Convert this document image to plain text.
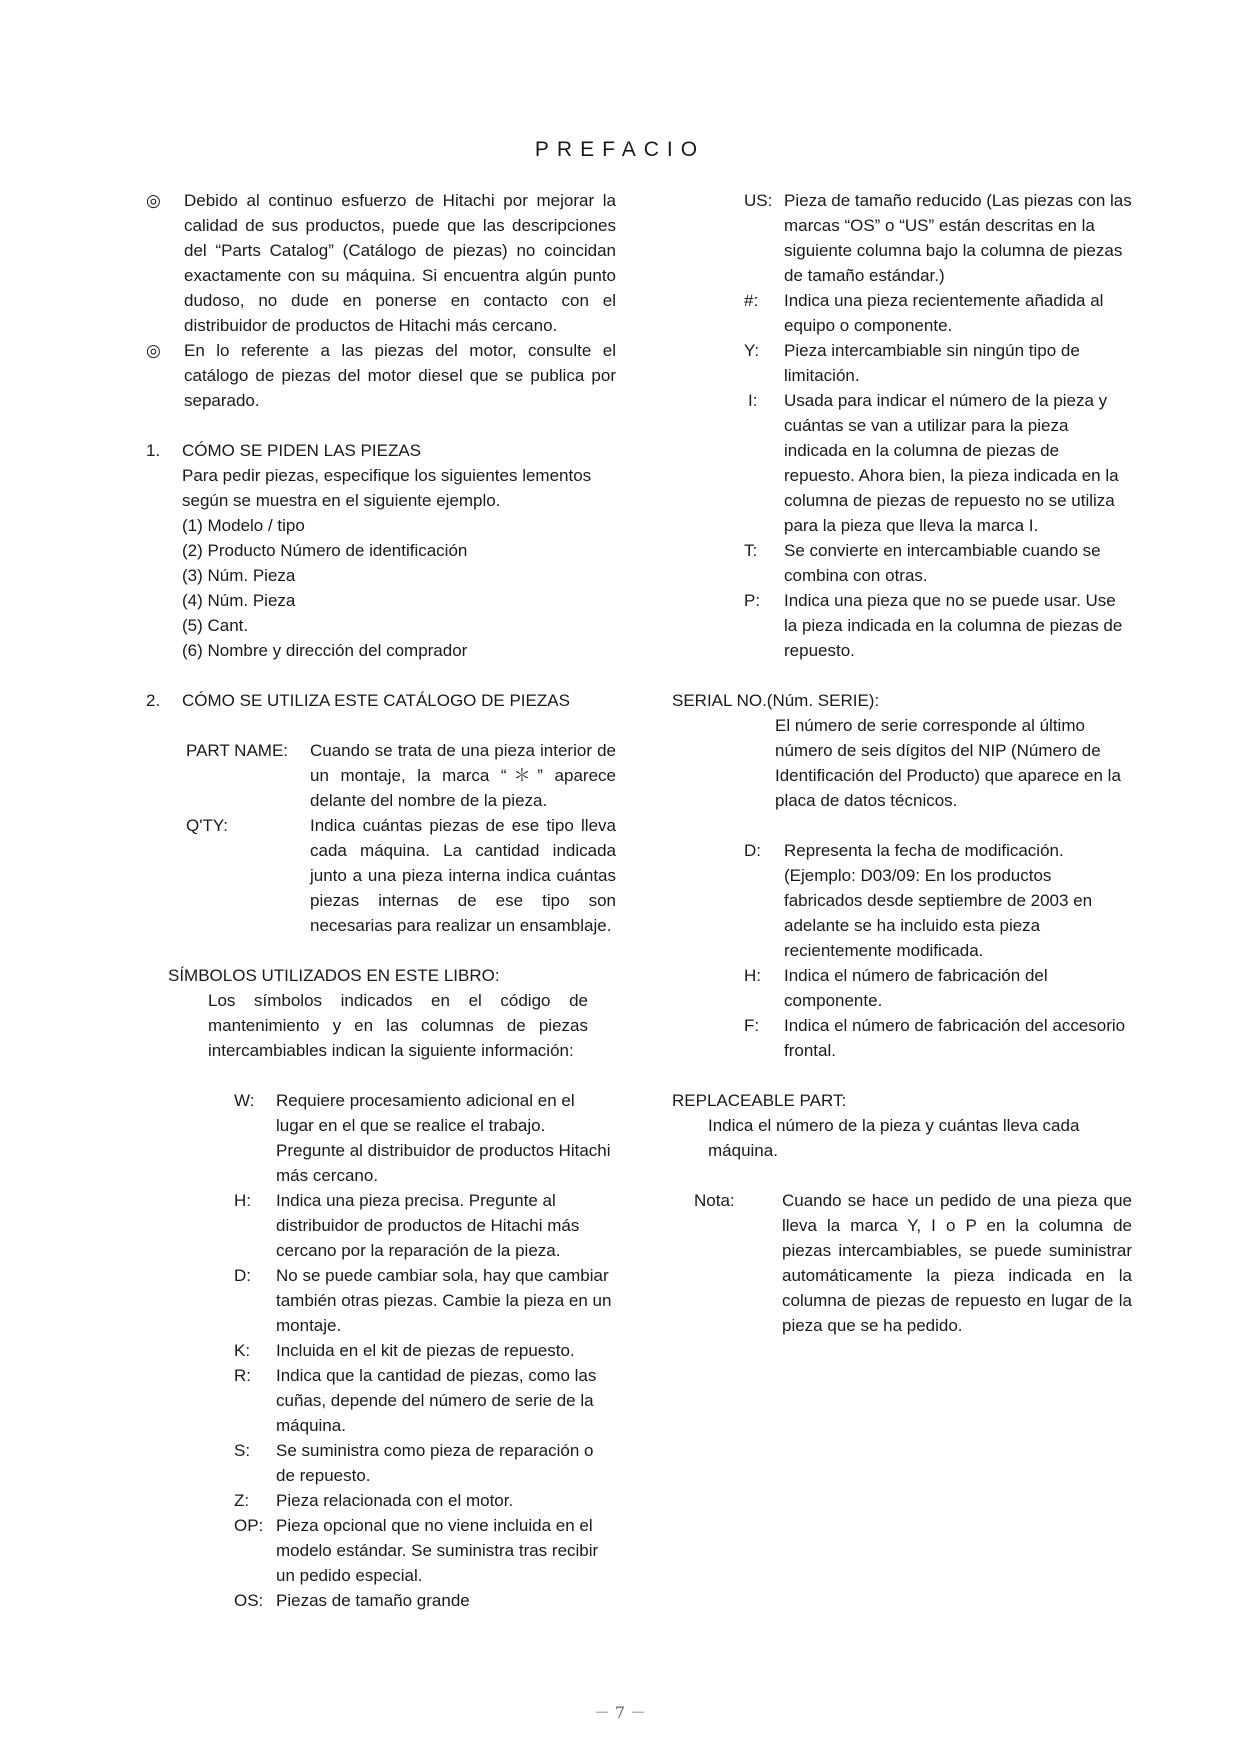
PREFACIO
◎	Debido al continuo esfuerzo de Hitachi por mejorar la calidad de sus productos, puede que las descripciones del “Parts Catalog” (Catálogo de piezas) no coincidan exactamente con su máquina. Si encuentra algún punto dudoso, no dude en ponerse en contacto con el distribuidor de productos de Hitachi más cercano.
◎	En lo referente a las piezas del motor, consulte el catálogo de piezas del motor diesel que se publica por separado.
1.	CÓMO SE PIDEN LAS PIEZAS
Para pedir piezas, especifique los siguientes lementos
según se muestra en el siguiente ejemplo.
(1) Modelo / tipo
(2) Producto Número de identificación
(3) Núm. Pieza
(4) Núm. Pieza
(5) Cant.
(6) Nombre y dirección del comprador
2.	CÓMO SE UTILIZA ESTE CATÁLOGO DE PIEZAS
PART NAME:	Cuando se trata de una pieza interior de un montaje, la marca “＊” aparece delante del nombre de la pieza.
Q'TY:	Indica cuántas piezas de ese tipo lleva cada máquina. La cantidad indicada junto a una pieza interna indica cuántas piezas internas de ese tipo son necesarias para realizar un ensamblaje.
SÍMBOLOS UTILIZADOS EN ESTE LIBRO:
Los símbolos indicados en el código de mantenimiento y en las columnas de piezas intercambiables indican la siguiente información:
W:	Requiere procesamiento adicional en el lugar en el que se realice el trabajo. Pregunte al distribuidor de productos Hitachi más cercano.
H:	Indica una pieza precisa. Pregunte al distribuidor de productos de Hitachi más cercano por la reparación de la pieza.
D:	No se puede cambiar sola, hay que cambiar también otras piezas. Cambie la pieza en un montaje.
K:	Incluida en el kit de piezas de repuesto.
R:	Indica que la cantidad de piezas, como las cuñas, depende del número de serie de la máquina.
S:	Se suministra como pieza de reparación o de repuesto.
Z:	Pieza relacionada con el motor.
OP: Pieza opcional que no viene incluida en el modelo estándar. Se suministra tras recibir un pedido especial.
OS: Piezas de tamaño grande
US: Pieza de tamaño reducido (Las piezas con las marcas “OS” o “US” están descritas en la siguiente columna bajo la columna de piezas de tamaño estándar.)
#:	Indica una pieza recientemente añadida al equipo o componente.
Y:	Pieza intercambiable sin ningún tipo de limitación.
I:	Usada para indicar el número de la pieza y cuántas se van a utilizar para la pieza indicada en la columna de piezas de repuesto. Ahora bien, la pieza indicada en la columna de piezas de repuesto no se utiliza para la pieza que lleva la marca I.
T:	Se convierte en intercambiable cuando se combina con otras.
P:	Indica una pieza que no se puede usar. Use la pieza indicada en la columna de piezas de repuesto.
SERIAL NO.(Núm. SERIE):
El número de serie corresponde al último número de seis dígitos del NIP (Número de Identificación del Producto) que aparece en la placa de datos técnicos.
D:	Representa la fecha de modificación. (Ejemplo: D03/09: En los productos fabricados desde septiembre de 2003 en adelante se ha incluido esta pieza recientemente modificada.
H:	Indica el número de fabricación del componente.
F:	Indica el número de fabricación del accesorio frontal.
REPLACEABLE PART:
Indica el número de la pieza y cuántas lleva cada máquina.
Nota:	Cuando se hace un pedido de una pieza que lleva la marca Y, I o P en la columna de piezas intercambiables, se puede suministrar automáticamente la pieza indicada en la columna de piezas de repuesto en lugar de la pieza que se ha pedido.
－ 7 －
